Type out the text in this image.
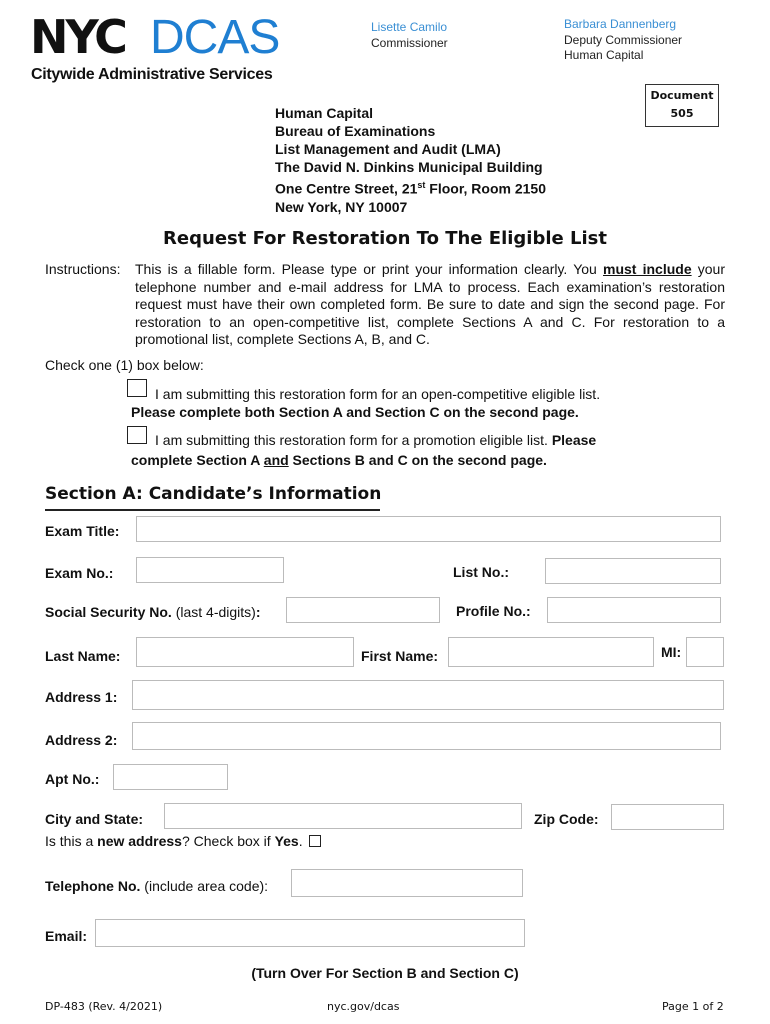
NYC DCAS
Citywide Administrative Services
Lisette Camilo
Commissioner
Barbara Dannenberg
Deputy Commissioner
Human Capital
Document
505
Human Capital
Bureau of Examinations
List Management and Audit (LMA)
The David N. Dinkins Municipal Building
One Centre Street, 21st Floor, Room 2150
New York, NY 10007
Request For Restoration To The Eligible List
Instructions: This is a fillable form. Please type or print your information clearly. You must include your telephone number and e-mail address for LMA to process. Each examination’s restoration request must have their own completed form. Be sure to date and sign the second page. For restoration to an open-competitive list, complete Sections A and C. For restoration to a promotional list, complete Sections A, B, and C.
Check one (1) box below:
I am submitting this restoration form for an open-competitive eligible list.
Please complete both Section A and Section C on the second page.
I am submitting this restoration form for a promotion eligible list. Please
complete Section A and Sections B and C on the second page.
Section A: Candidate’s Information
Exam Title:
Exam No.:	List No.:
Social Security No. (last 4-digits):	Profile No.:
Last Name:	First Name:	MI:
Address 1:
Address 2:
Apt No.:
City and State:	Zip Code:
Is this a new address? Check box if Yes.
Telephone No. (include area code):
Email:
(Turn Over For Section B and Section C)
DP-483 (Rev. 4/2021)	nyc.gov/dcas	Page 1 of 2
